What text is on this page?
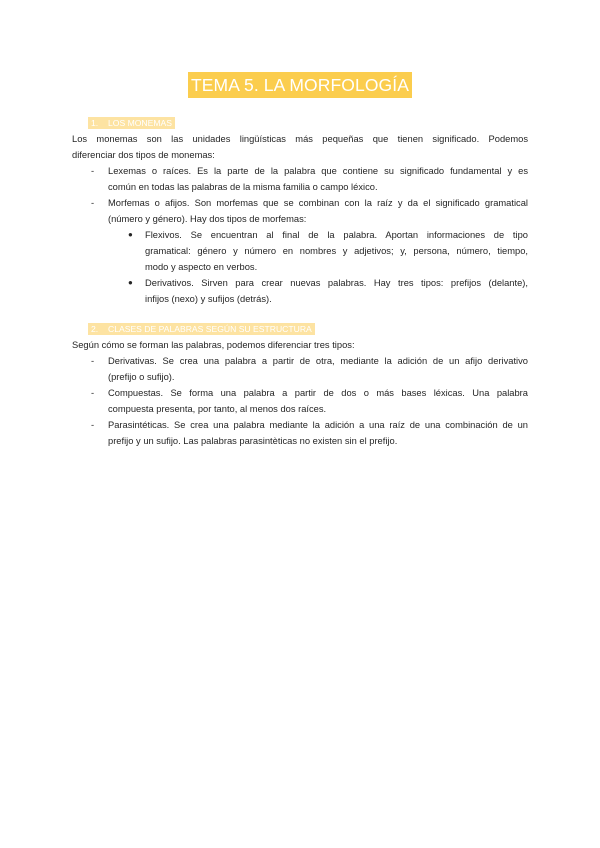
TEMA 5. LA MORFOLOGÍA
1. LOS MONEMAS
Los monemas son las unidades lingüísticas más pequeñas que tienen significado. Podemos
diferenciar dos tipos de monemas:
- Lexemas o raíces. Es la parte de la palabra que contiene su significado fundamental y es
común en todas las palabras de la misma familia o campo léxico.
- Morfemas o afijos. Son morfemas que se combinan con la raíz y da el significado gramatical
(número y género). Hay dos tipos de morfemas:
● Flexivos. Se encuentran al final de la palabra. Aportan informaciones de tipo
gramatical: género y número en nombres y adjetivos; y, persona, número, tiempo,
modo y aspecto en verbos.
● Derivativos. Sirven para crear nuevas palabras. Hay tres tipos: prefijos (delante),
infijos (nexo) y sufijos (detrás).
2. CLASES DE PALABRAS SEGÚN SU ESTRUCTURA
Según cómo se forman las palabras, podemos diferenciar tres tipos:
- Derivativas. Se crea una palabra a partir de otra, mediante la adición de un afijo derivativo
(prefijo o sufijo).
- Compuestas. Se forma una palabra a partir de dos o más bases léxicas. Una palabra
compuesta presenta, por tanto, al menos dos raíces.
- Parasintéticas. Se crea una palabra mediante la adición a una raíz de una combinación de un
prefijo y un sufijo. Las palabras parasintèticas no existen sin el prefijo.
